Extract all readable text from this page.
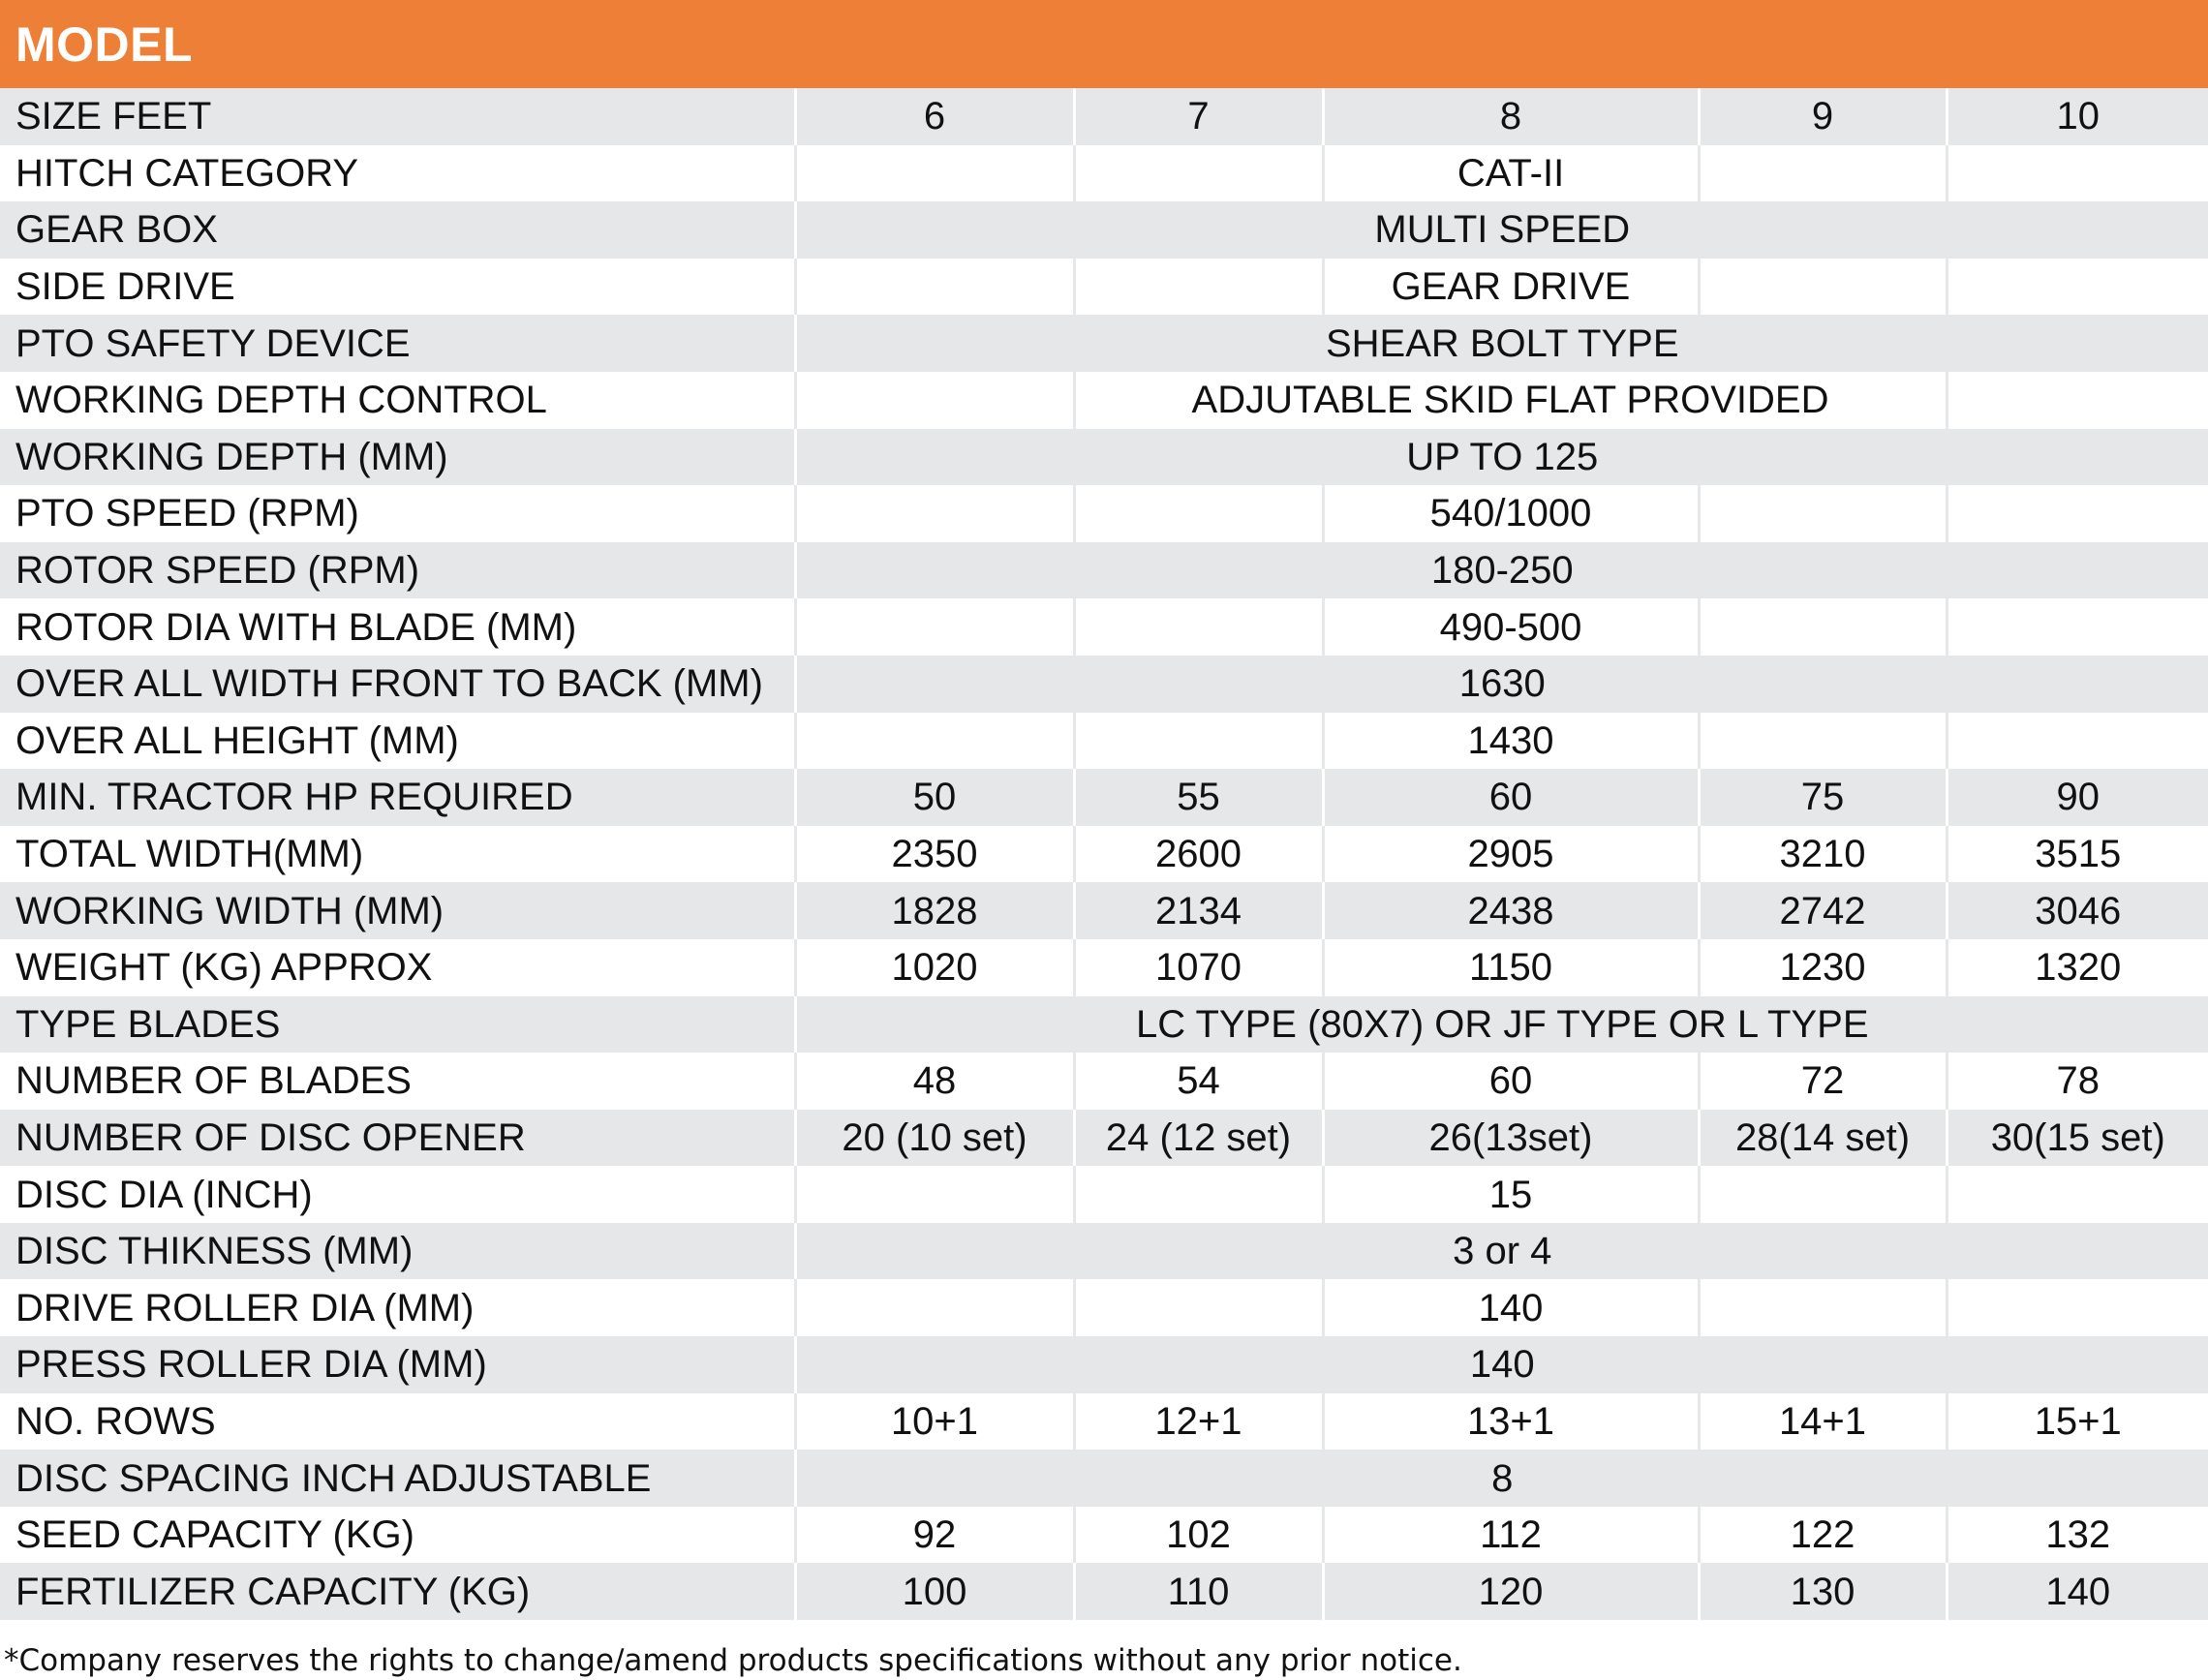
MODEL
SIZE FEET	6	7	8	9	10
HITCH CATEGORY			CAT-II		
GEAR BOX	MULTI SPEED				
SIDE DRIVE			GEAR DRIVE		
PTO SAFETY DEVICE	SHEAR BOLT TYPE				
WORKING DEPTH CONTROL		ADJUTABLE SKID FLAT PROVIDED			
WORKING DEPTH (MM)	UP TO 125				
PTO SPEED (RPM)			540/1000		
ROTOR SPEED (RPM)	180-250				
ROTOR DIA WITH BLADE (MM)			490-500		
OVER ALL WIDTH FRONT TO BACK (MM)	1630				
OVER ALL HEIGHT (MM)			1430		
MIN. TRACTOR HP REQUIRED	50	55	60	75	90
TOTAL WIDTH(MM)	2350	2600	2905	3210	3515
WORKING WIDTH (MM)	1828	2134	2438	2742	3046
WEIGHT (KG) APPROX	1020	1070	1150	1230	1320
TYPE BLADES	LC TYPE (80X7) OR JF TYPE OR L TYPE				
NUMBER OF BLADES	48	54	60	72	78
NUMBER OF DISC OPENER	20 (10 set)	24 (12 set)	26(13set)	28(14 set)	30(15 set)
DISC DIA (INCH)			15		
DISC THIKNESS (MM)	3 or 4				
DRIVE ROLLER DIA (MM)			140		
PRESS ROLLER DIA (MM)	140				
NO. ROWS	10+1	12+1	13+1	14+1	15+1
DISC SPACING INCH ADJUSTABLE	8				
SEED CAPACITY (KG)	92	102	112	122	132
FERTILIZER CAPACITY (KG)	100	110	120	130	140
*Company reserves the rights to change/amend products specifications without any prior notice.
